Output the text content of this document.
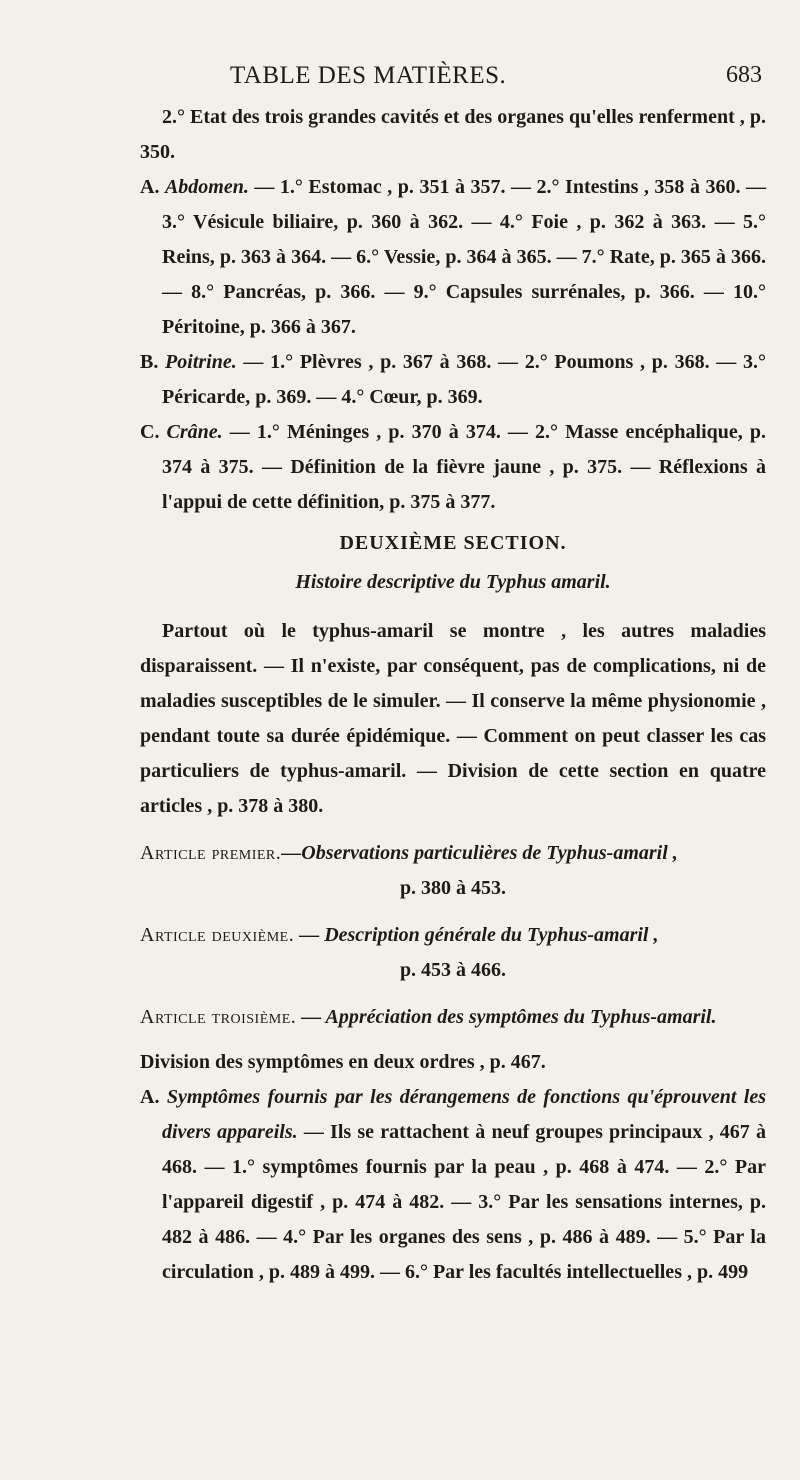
TABLE DES MATIÈRES.	683

2.° Etat des trois grandes cavités et des organes qu'elles renferment , p. 350.

A. Abdomen. — 1.° Estomac , p. 351 à 357. — 2.° Intestins , 358 à 360. — 3.° Vésicule biliaire, p. 360 à 362. — 4.° Foie , p. 362 à 363. — 5.° Reins, p. 363 à 364. — 6.° Vessie, p. 364 à 365. — 7.° Rate, p. 365 à 366. — 8.° Pancréas, p. 366. — 9.° Capsules surrénales, p. 366. — 10.° Péritoine, p. 366 à 367.

B. Poitrine. — 1.° Plèvres , p. 367 à 368. — 2.° Poumons , p. 368. — 3.° Péricarde, p. 369. — 4.° Cœur, p. 369.

C. Crâne. — 1.° Méninges , p. 370 à 374. — 2.° Masse encéphalique, p. 374 à 375. — Définition de la fièvre jaune , p. 375. — Réflexions à l'appui de cette définition, p. 375 à 377.

DEUXIÈME SECTION.
Histoire descriptive du Typhus amaril.

Partout où le typhus-amaril se montre , les autres maladies disparaissent. — Il n'existe, par conséquent, pas de complications, ni de maladies susceptibles de le simuler. — Il conserve la même physionomie , pendant toute sa durée épidémique. — Comment on peut classer les cas particuliers de typhus-amaril. — Division de cette section en quatre articles , p. 378 à 380.

Article premier.—Observations particulières de Typhus-amaril ,
p. 380 à 453.
Article deuxième. — Description générale du Typhus-amaril ,
p. 453 à 466.
Article troisième. — Appréciation des symptômes du Typhus-amaril.

Division des symptômes en deux ordres , p. 467.

A. Symptômes fournis par les dérangemens de fonctions qu'éprouvent les divers appareils. — Ils se rattachent à neuf groupes principaux , 467 à 468. — 1.° symptômes fournis par la peau , p. 468 à 474. — 2.° Par l'appareil digestif , p. 474 à 482. — 3.° Par les sensations internes, p. 482 à 486. — 4.° Par les organes des sens , p. 486 à 489. — 5.° Par la circulation , p. 489 à 499. — 6.° Par les facultés intellectuelles , p. 499
